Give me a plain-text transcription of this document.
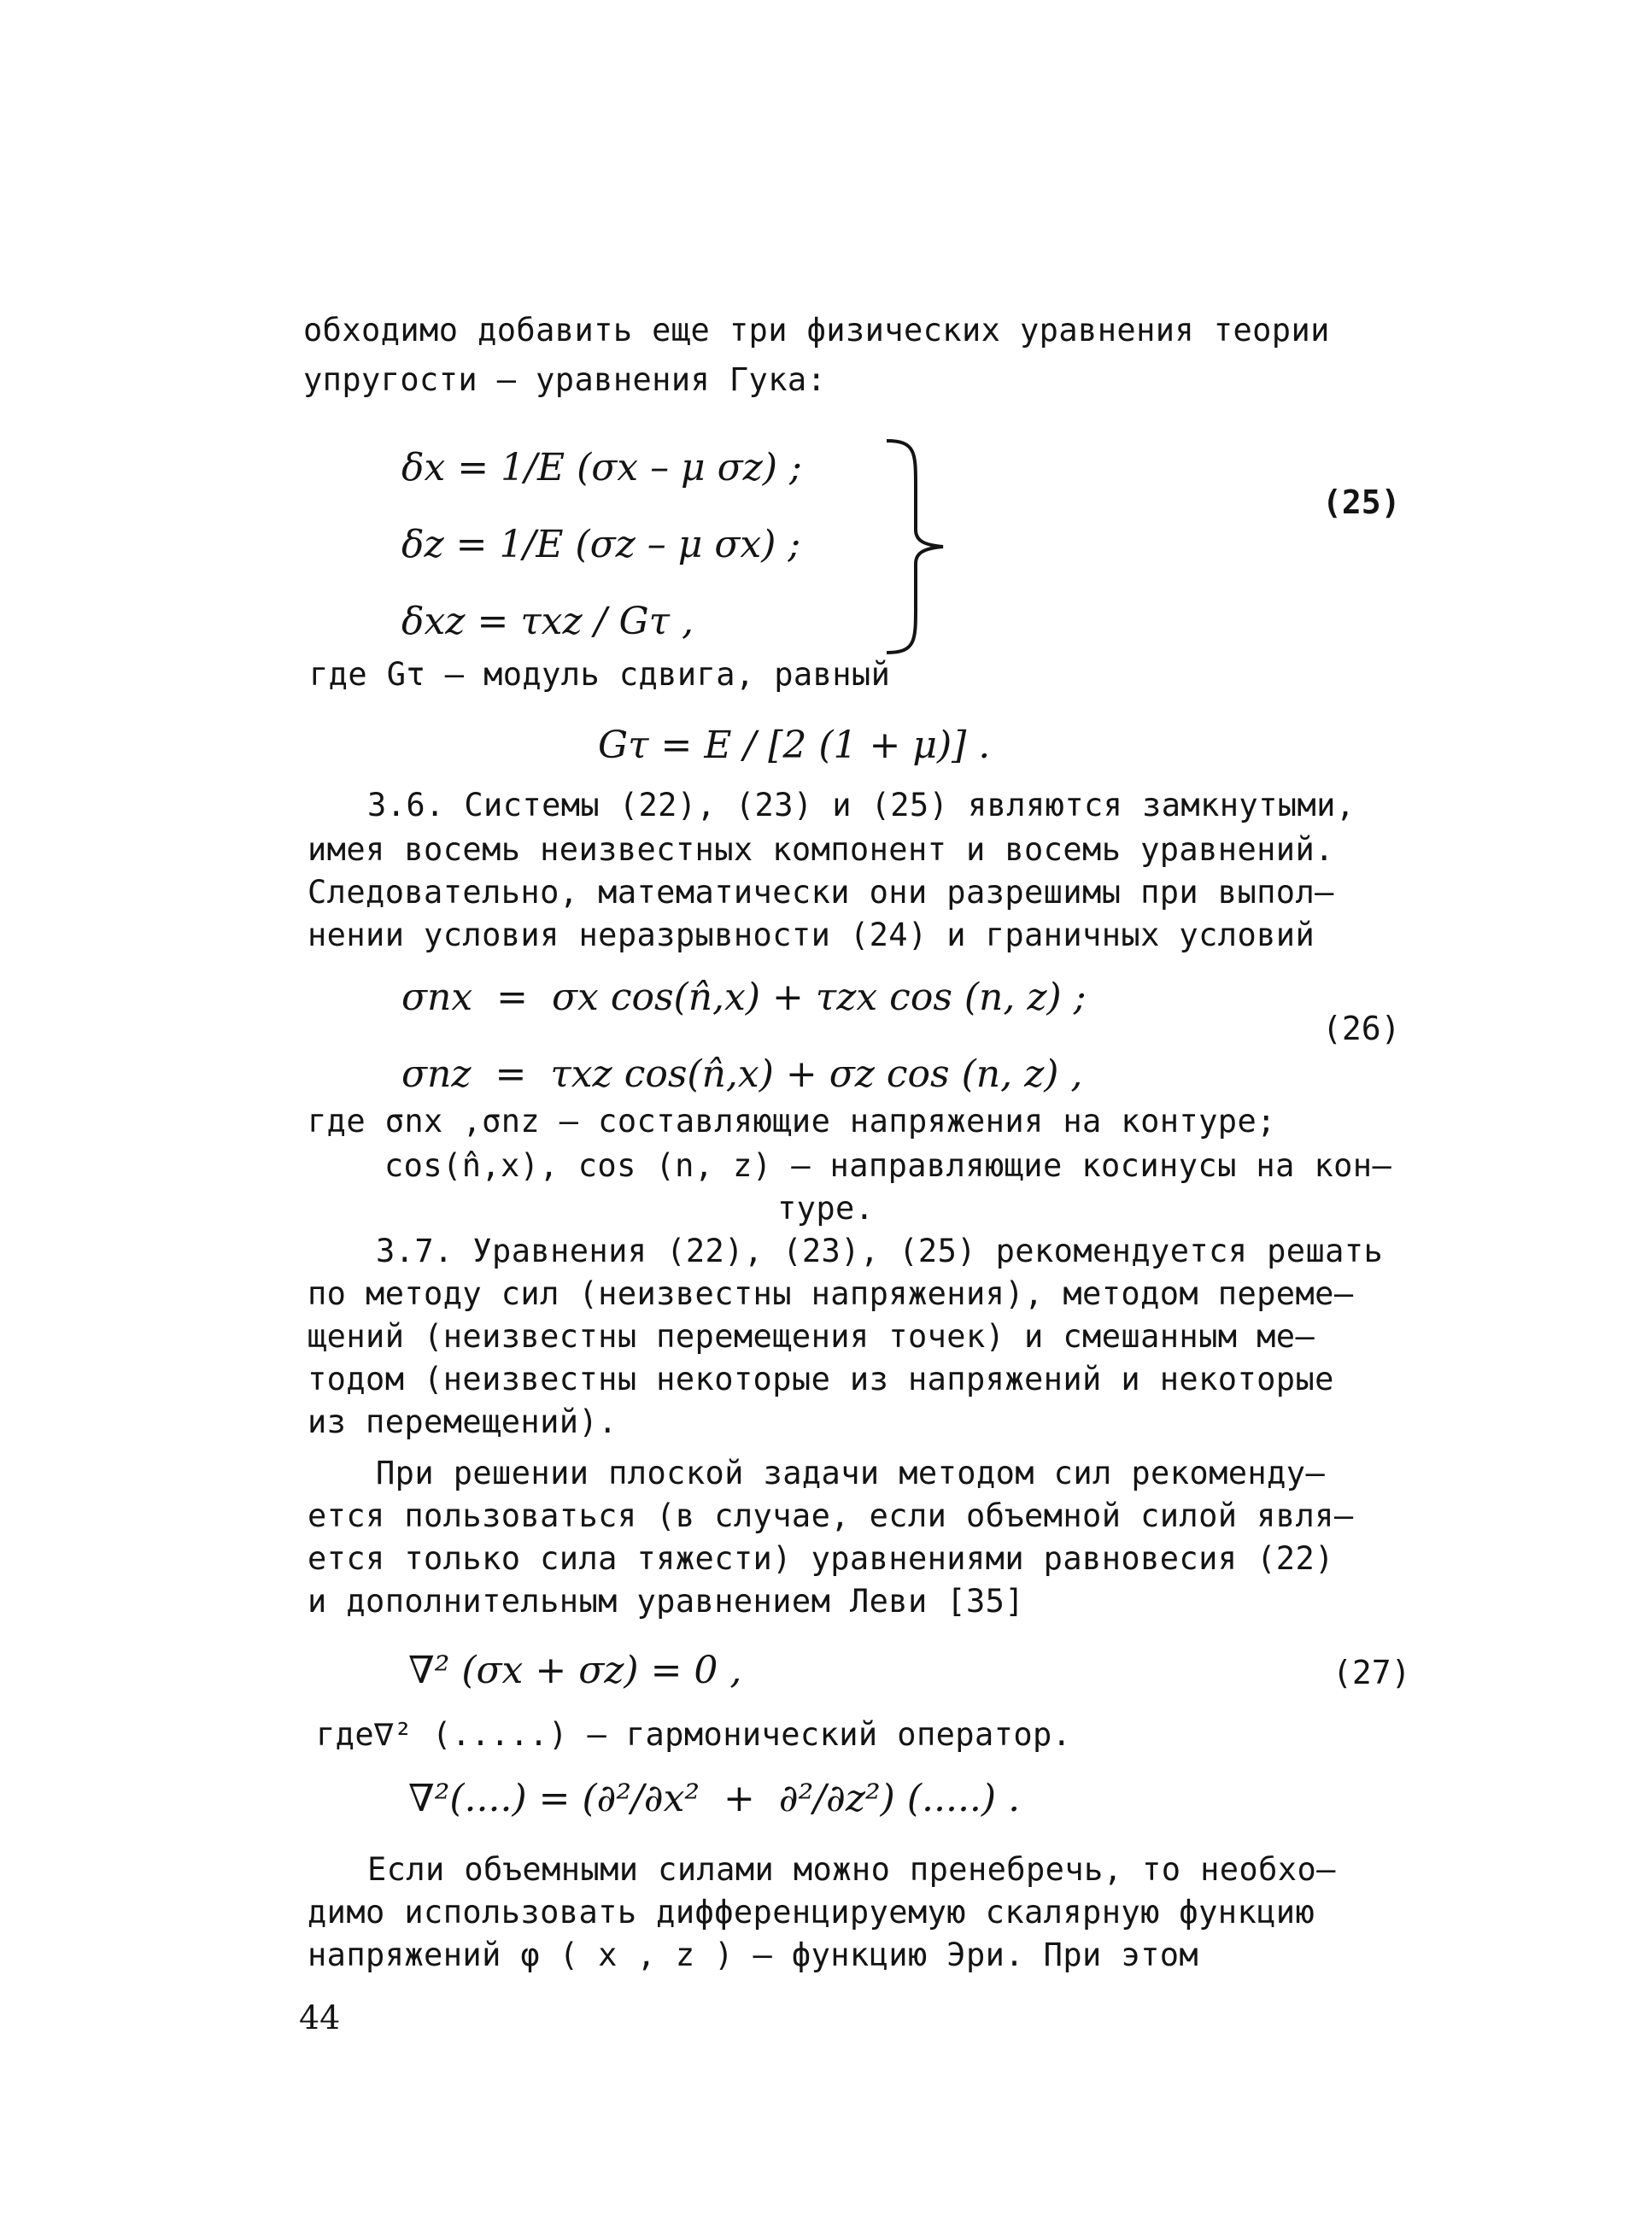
обходимо добавить еще три физических уравнения теории
упругости – уравнения Гука:
δx = 1/E (σx – μ σz) ;
δz = 1/E (σz – μ σx) ;
δxz = τxz / Gτ ,
(25)
где Gτ – модуль сдвига, равный
Gτ = E / [2 (1 + μ)] .
3.6. Системы (22), (23) и (25) являются замкнутыми,
имея восемь неизвестных компонент и восемь уравнений.
Следовательно, математически они разрешимы при выпол–
нении условия неразрывности (24) и граничных условий
σnx  =  σx cos(n̂,x) + τzx cos (n, z) ;
σnz  =  τxz cos(n̂,x) + σz cos (n, z) ,
(26)
где σnx ,σnz – составляющие напряжения на контуре;
cos(n̂,x), cos (n, z) – направляющие косинусы на кон–
туре.
3.7. Уравнения (22), (23), (25) рекомендуется решать
по методу сил (неизвестны напряжения), методом переме–
щений (неизвестны перемещения точек) и смешанным ме–
тодом (неизвестны некоторые из напряжений и некоторые
из перемещений).
При решении плоской задачи методом сил рекоменду–
ется пользоваться (в случае, если объемной силой явля–
ется только сила тяжести) уравнениями равновесия (22)
и дополнительным уравнением Леви [35]
∇² (σx + σz) = 0 ,	(27)
где∇² (.....) – гармонический оператор.
∇²(....) = (∂²/∂x²  +  ∂²/∂z²) (.....) .
Если объемными силами можно пренебречь, то необхо–
димо использовать дифференцируемую скалярную функцию
напряжений φ ( x , z ) – функцию Эри. При этом
44
